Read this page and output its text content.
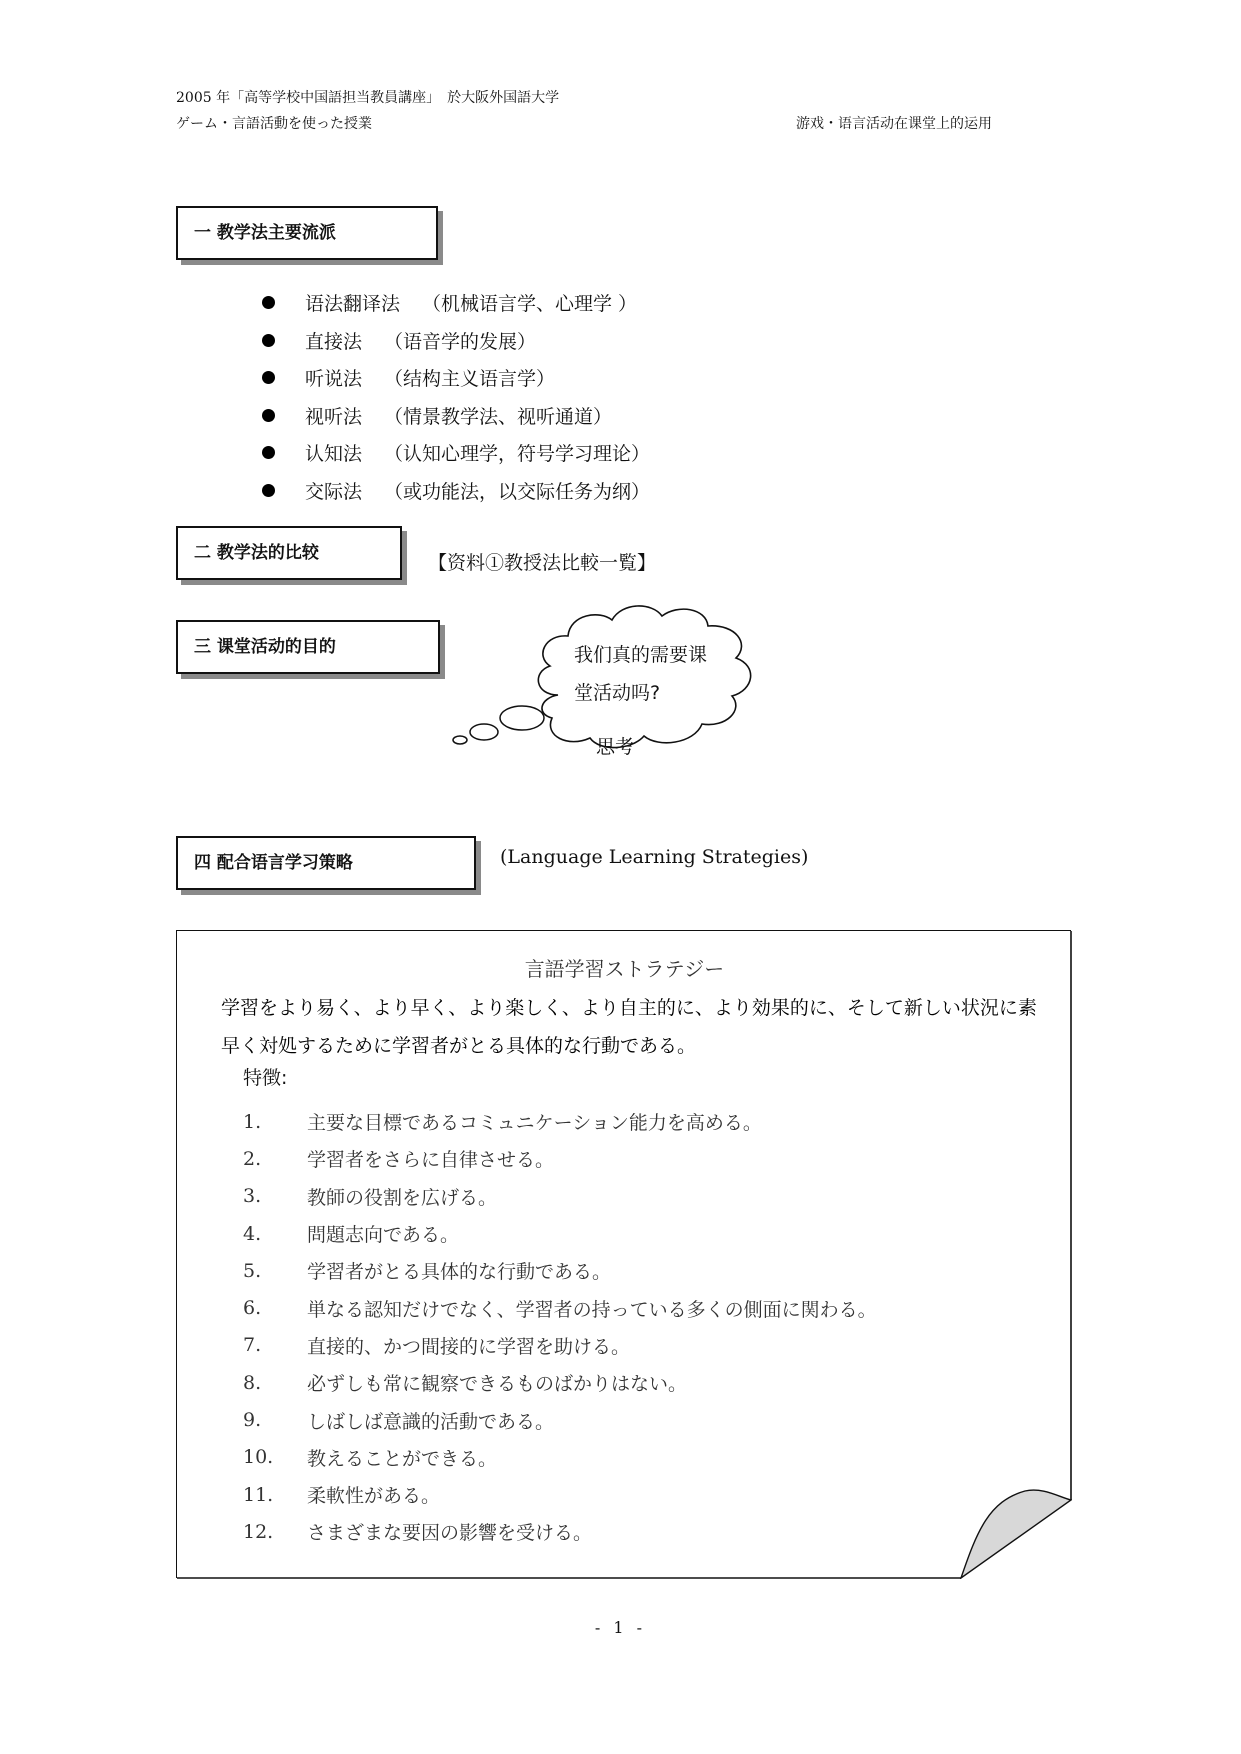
2005 年「高等学校中国語担当教員講座」　於大阪外国語大学
ゲーム・言語活動を使った授業	游戏・语言活动在课堂上的运用
一 教学法主要流派
语法翻译法 （机械语言学、心理学 ）
直接法 （语音学的发展）
听说法 （结构主义语言学）
视听法 （情景教学法、视听通道）
认知法 （认知心理学，符号学习理论）
交际法 （或功能法，以交际任务为纲）
二 教学法的比较	【资料①教授法比較一覧】
三 课堂活动的目的	我们真的需要课
堂活动吗?
思考
四 配合语言学习策略	(Language Learning Strategies)
言語学習ストラテジー
学習をより易く、より早く、より楽しく、より自主的に、より効果的に、そして新しい状況に素早く対処するために学習者がとる具体的な行動である。
特徴:
1.	主要な目標であるコミュニケーション能力を高める。
2.	学習者をさらに自律させる。
3.	教師の役割を広げる。
4.	問題志向である。
5.	学習者がとる具体的な行動である。
6.	単なる認知だけでなく、学習者の持っている多くの側面に関わる。
7.	直接的、かつ間接的に学習を助ける。
8.	必ずしも常に観察できるものばかりはない。
9.	しばしば意識的活動である。
10.	教えることができる。
11.	柔軟性がある。
12.	さまざまな要因の影響を受ける。
- 1 -
